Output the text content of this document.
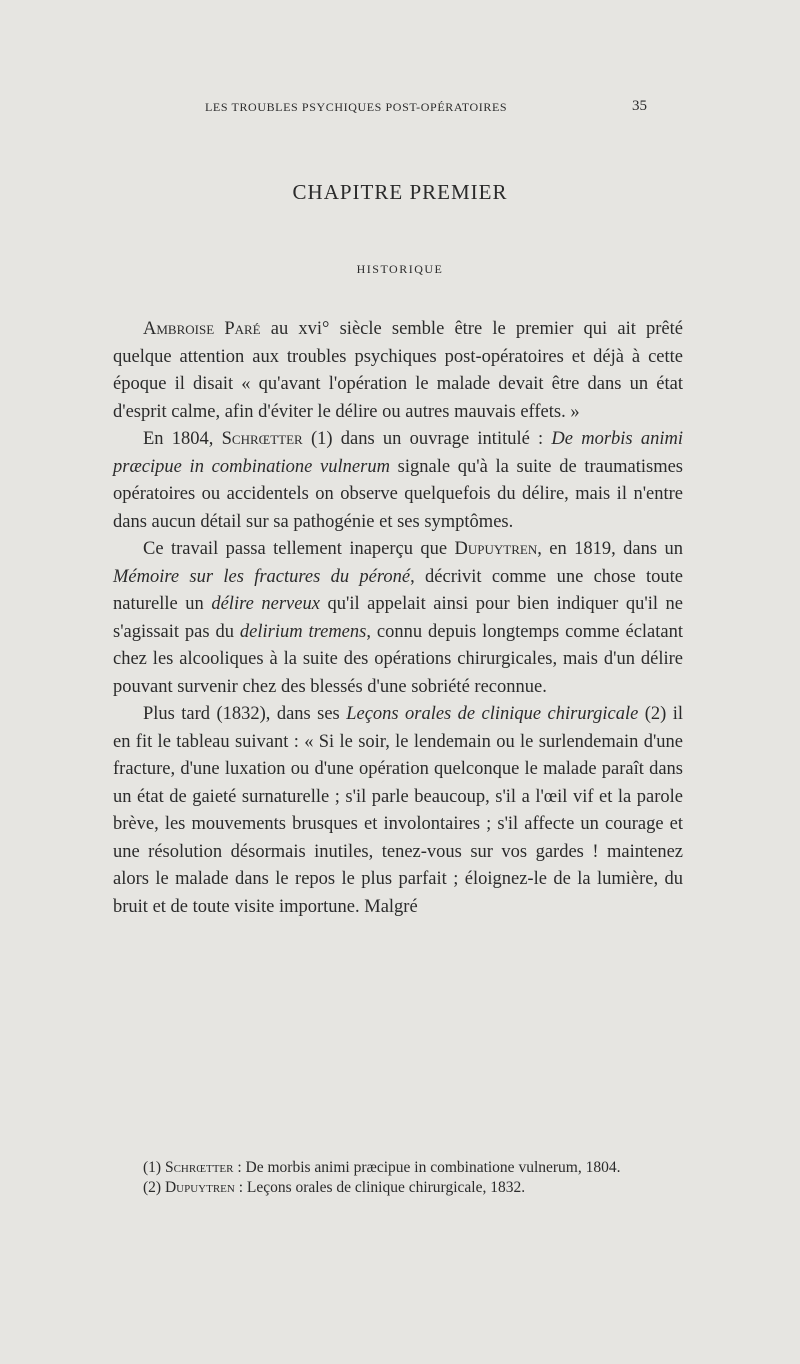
LES TROUBLES PSYCHIQUES POST-OPÉRATOIRES	35
CHAPITRE PREMIER
HISTORIQUE

Ambroise Paré au xvi° siècle semble être le premier qui ait prêté quelque attention aux troubles psychiques post-opératoires et déjà à cette époque il disait « qu'avant l'opération le malade devait être dans un état d'esprit calme, afin d'éviter le délire ou autres mauvais effets. »

En 1804, Schrœtter (1) dans un ouvrage intitulé : De morbis animi præcipue in combinatione vulnerum signale qu'à la suite de traumatismes opératoires ou accidentels on observe quelquefois du délire, mais il n'entre dans aucun détail sur sa pathogénie et ses symptômes.

Ce travail passa tellement inaperçu que Dupuytren, en 1819, dans un Mémoire sur les fractures du péroné, décrivit comme une chose toute naturelle un délire nerveux qu'il appelait ainsi pour bien indiquer qu'il ne s'agissait pas du delirium tremens, connu depuis longtemps comme éclatant chez les alcooliques à la suite des opérations chirurgicales, mais d'un délire pouvant survenir chez des blessés d'une sobriété reconnue.

Plus tard (1832), dans ses Leçons orales de clinique chirurgicale (2) il en fit le tableau suivant : « Si le soir, le lendemain ou le surlendemain d'une fracture, d'une luxation ou d'une opération quelconque le malade paraît dans un état de gaieté surnaturelle ; s'il parle beaucoup, s'il a l'œil vif et la parole brève, les mouvements brusques et involontaires ; s'il affecte un courage et une résolution désormais inutiles, tenez-vous sur vos gardes ! maintenez alors le malade dans le repos le plus parfait ; éloignez-le de la lumière, du bruit et de toute visite importune. Malgré

(1) Schrœtter : De morbis animi præcipue in combinatione vulnerum, 1804.

(2) Dupuytren : Leçons orales de clinique chirurgicale, 1832.
